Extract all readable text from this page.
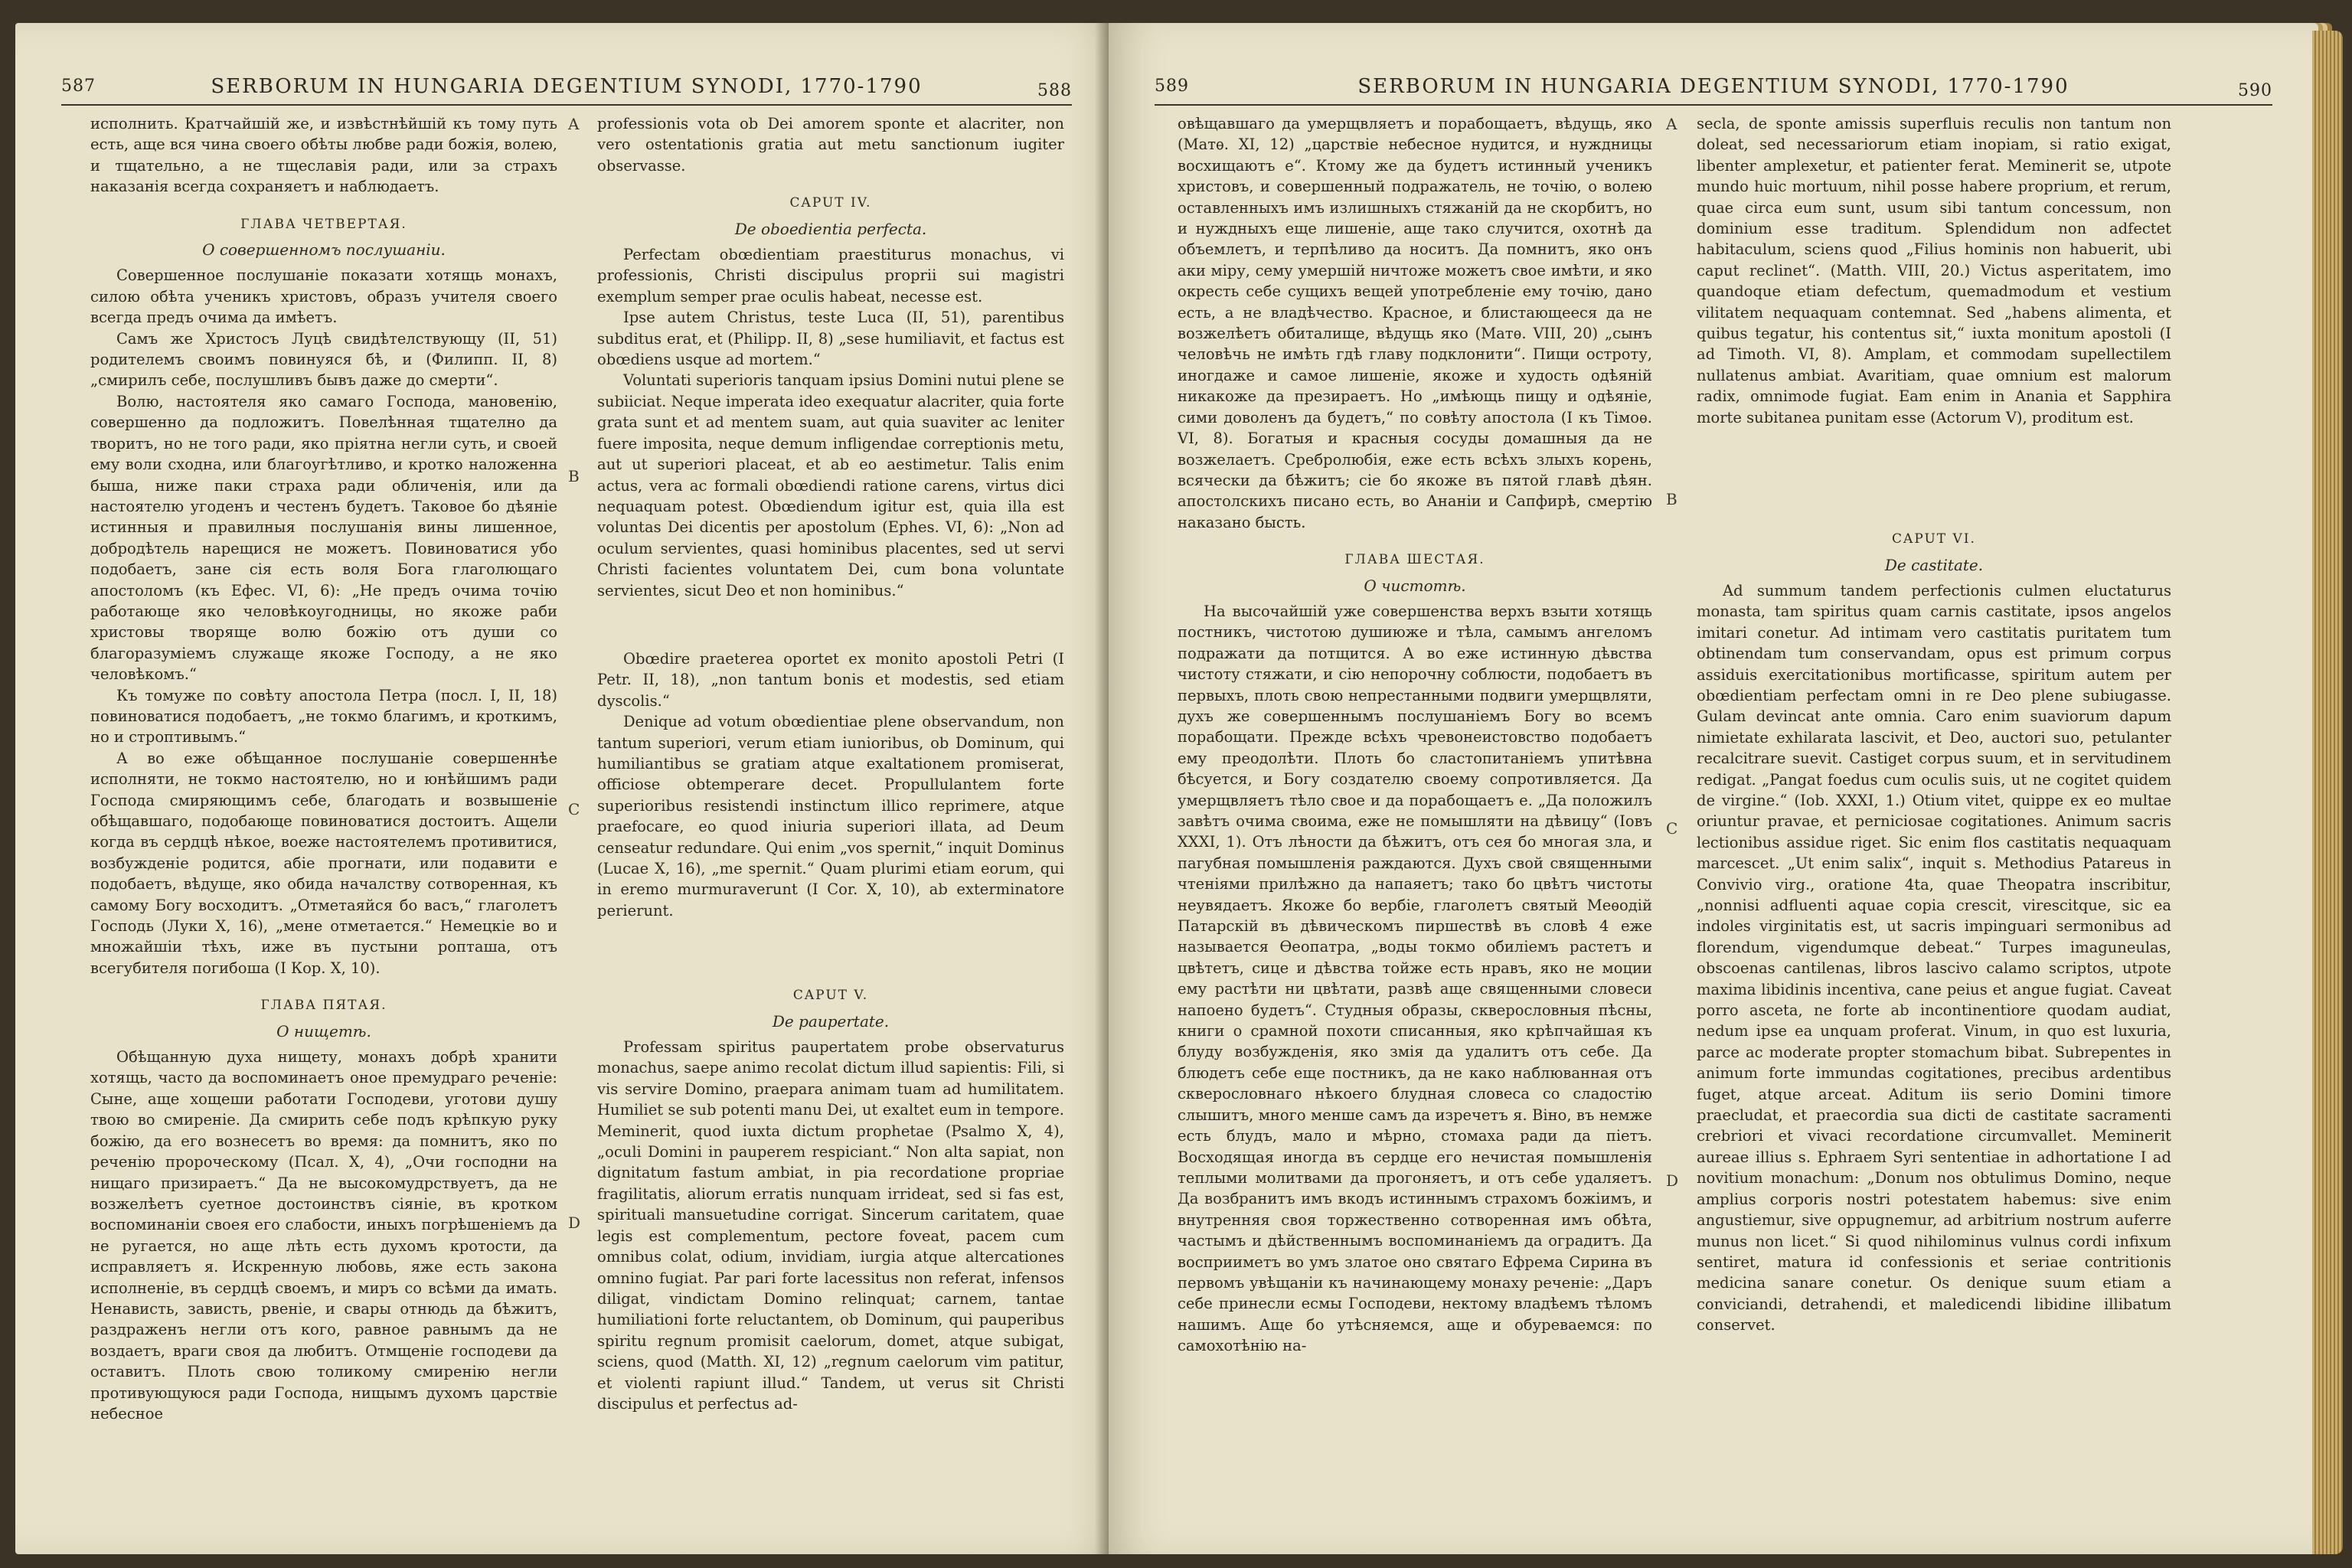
587	SERBORUM IN HUNGARIA DEGENTIUM SYNODI, 1770-1790	588

исполнить. Кратчайшій же, и извѣстнѣйшій къ тому путь есть, аще вся чина своего обѣты любве ради божія, волею, и тщательно, а не тщеславія ради, или за страхъ наказанія всегда сохраняетъ и наблюдаетъ.

ГЛАВА ЧЕТВЕРТАЯ.
О совершенномъ послушаніи.

Совершенное послушаніе показати хотящь монахъ, силою обѣта ученикъ христовъ, образъ учителя своего всегда предъ очима да имѣетъ.

Самъ же Христосъ Луцѣ свидѣтелствующу (II, 51) родителемъ своимъ повинуяся бѣ, и (Филипп. II, 8) „смирилъ себе, послушливъ бывъ даже до смерти“.

Волю, настоятеля яко самаго Господа, мановенію, совершенно да подложитъ. Повелѣнная тщателно да творитъ, но не того ради, яко пріятна негли суть, и своей ему воли сходна, или благоугѣтливо, и кротко наложенна быша, ниже паки страха ради обличенія, или да настоятелю угоденъ и честенъ будетъ. Таковое бо дѣяніе истинныя и правилныя послушанія вины лишенное, добродѣтель нарещися не можетъ. Повиноватися убо подобаетъ, зане сія есть воля Бога глаголющаго апостоломъ (къ Ефес. VI, 6): „Не предъ очима точію работающе яко человѣкоугодницы, но якоже раби христовы творяще волю божію отъ души со благоразуміемъ служаще якоже Господу, а не яко человѣкомъ.“

Къ томуже по совѣту апостола Петра (посл. I, II, 18) повиноватися подобаетъ, „не токмо благимъ, и кроткимъ, но и строптивымъ.“

А во еже обѣщанное послушаніе совершеннѣе исполняти, не токмо настоятелю, но и юнѣйшимъ ради Господа смиряющимъ себе, благодать и возвышеніе обѣщавшаго, подобающе повиноватися достоитъ. Ащели когда въ сердцѣ нѣкое, воеже настоятелемъ противитися, возбужденіе родится, абіе прогнати, или подавити е подобаетъ, вѣдуще, яко обида началству сотворенная, къ самому Богу восходитъ. „Отметаяйся бо васъ,“ глаголетъ Господь (Луки X, 16), „мене отметается.“ Немецкіе во и множайшіи тѣхъ, иже въ пустыни ропташа, отъ всегубителя погибоша (I Кор. X, 10).

ГЛАВА ПЯТАЯ.
О нищетѣ.

Обѣщанную духа нищету, монахъ добрѣ хранити хотящь, часто да воспоминаетъ оное премудраго реченіе: Сыне, аще хощеши работати Господеви, уготови душу твою во смиреніе. Да смирить себе подъ крѣпкую руку божію, да его вознесетъ во время: да помнитъ, яко по реченію пророческому (Псал. X, 4), „Очи господни на нищаго призираетъ.“ Да не высокомудрствуетъ, да не возжелѣетъ суетное достоинствъ сіяніе, въ кротком воспоминаніи своея его слабости, иныхъ погрѣшеніемъ да не ругается, но аще лѣть есть духомъ кротости, да исправляетъ я. Искренную любовь, яже есть закона исполненіе, въ сердцѣ своемъ, и миръ со всѣми да имать. Ненависть, зависть, рвеніе, и свары отнюдь да бѣжитъ, раздраженъ негли отъ кого, равное равнымъ да не воздаетъ, враги своя да любитъ. Отмщеніе господеви да оставитъ. Плоть свою толикому смиренію негли противующуюся ради Господа, нищымъ духомъ царствіе небесное

professionis vota ob Dei amorem sponte et alacriter, non vero ostentationis gratia aut metu sanctionum iugiter observasse.

CAPUT IV.
De oboedientia perfecta.

Perfectam obœdientiam praestiturus monachus, vi professionis, Christi discipulus proprii sui magistri exemplum semper prae oculis habeat, necesse est.

Ipse autem Christus, teste Luca (II, 51), parentibus subditus erat, et (Philipp. II, 8) „sese humiliavit, et factus est obœdiens usque ad mortem.“

Voluntati superioris tanquam ipsius Domini nutui plene se subiiciat. Neque imperata ideo exequatur alacriter, quia forte grata sunt et ad mentem suam, aut quia suaviter ac leniter fuere imposita, neque demum infligendae correptionis metu, aut ut superiori placeat, et ab eo aestimetur. Talis enim actus, vera ac formali obœdiendi ratione carens, virtus dici nequaquam potest. Obœdiendum igitur est, quia illa est voluntas Dei dicentis per apostolum (Ephes. VI, 6): „Non ad oculum servientes, quasi hominibus placentes, sed ut servi Christi facientes voluntatem Dei, cum bona voluntate servientes, sicut Deo et non hominibus.“

Obœdire praeterea oportet ex monito apostoli Petri (I Petr. II, 18), „non tantum bonis et modestis, sed etiam dyscolis.“

Denique ad votum obœdientiae plene observandum, non tantum superiori, verum etiam iunioribus, ob Dominum, qui humiliantibus se gratiam atque exaltationem promiserat, officiose obtemperare decet. Propullulantem forte superioribus resistendi instinctum illico reprimere, atque praefocare, eo quod iniuria superiori illata, ad Deum censeatur redundare. Qui enim „vos spernit,“ inquit Dominus (Lucae X, 16), „me spernit.“ Quam plurimi etiam eorum, qui in eremo murmuraverunt (I Cor. X, 10), ab exterminatore perierunt.

CAPUT V.
De paupertate.

Professam spiritus paupertatem probe observaturus monachus, saepe animo recolat dictum illud sapientis: Fili, si vis servire Domino, praepara animam tuam ad humilitatem. Humiliet se sub potenti manu Dei, ut exaltet eum in tempore. Meminerit, quod iuxta dictum prophetae (Psalmo X, 4), „oculi Domini in pauperem respiciant.“ Non alta sapiat, non dignitatum fastum ambiat, in pia recordatione propriae fragilitatis, aliorum erratis nunquam irrideat, sed si fas est, spirituali mansuetudine corrigat. Sincerum caritatem, quae legis est complementum, pectore foveat, pacem cum omnibus colat, odium, invidiam, iurgia atque altercationes omnino fugiat. Par pari forte lacessitus non referat, infensos diligat, vindictam Domino relinquat; carnem, tantae humiliationi forte reluctantem, ob Dominum, qui pauperibus spiritu regnum promisit caelorum, domet, atque subigat, sciens, quod (Matth. XI, 12) „regnum caelorum vim patitur, et violenti rapiunt illud.“ Tandem, ut verus sit Christi discipulus et perfectus ad-

A
B
C
D
589	SERBORUM IN HUNGARIA DEGENTIUM SYNODI, 1770-1790	590

овѣщавшаго да умерщвляетъ и порабощаетъ, вѣдущь, яко (Матѳ. XI, 12) „царствіе небесное нудится, и нуждницы восхищаютъ е“. Ктому же да будетъ истинный ученикъ христовъ, и совершенный подражатель, не точію, о волею оставленныхъ имъ излишныхъ стяжаній да не скорбитъ, но и нуждныхъ еще лишеніе, аще тако случится, охотнѣ да объемлетъ, и терпѣливо да носитъ. Да помнитъ, яко онъ аки міру, сему умершій ничтоже можетъ свое имѣти, и яко окресть себе сущихъ вещей употребленіе ему точію, дано есть, а не владѣчество. Красное, и блистающееся да не возжелѣетъ обиталище, вѣдущь яко (Матѳ. VIII, 20) „сынъ человѣчь не имѣть гдѣ главу подклонити“. Пищи остроту, иногдаже и самое лишеніе, якоже и худость одѣяній никакоже да презираетъ. Но „имѣющь пищу и одѣяніе, сими доволенъ да будетъ,“ по совѣту апостола (I къ Тімоѳ. VI, 8). Богатыя и красныя сосуды домашныя да не возжелаетъ. Сребролюбія, еже есть всѣхъ злыхъ корень, всячески да бѣжитъ; сіе бо якоже въ пятой главѣ дѣян. апостолскихъ писано есть, во Ананіи и Сапфирѣ, смертію наказано бысть.

ГЛАВА ШЕСТАЯ.
О чистотѣ.

На высочайшій уже совершенства верхъ взыти хотящь постникъ, чистотою душиюже и тѣла, самымъ ангеломъ подражати да потщится. А во еже истинную дѣвства чистоту стяжати, и сію непорочну соблюсти, подобаетъ въ первыхъ, плоть свою непрестанными подвиги умерщвляти, духъ же совершеннымъ послушаніемъ Богу во всемъ порабощати. Прежде всѣхъ чревонеистовство подобаетъ ему преодолѣти. Плоть бо сластопитаніемъ упитѣвна бѣсуется, и Богу создателю своему сопротивляется. Да умерщвляетъ тѣло свое и да порабощаетъ е. „Да положилъ завѣтъ очима своима, еже не помышляти на дѣвицу“ (Іовъ XXXI, 1). Отъ лѣности да бѣжитъ, отъ сея бо многая зла, и пагубная помышленія раждаются. Духъ свой священными чтеніями прилѣжно да напаяетъ; тако бо цвѣтъ чистоты неувядаетъ. Якоже бо вербіе, глаголетъ святый Меѳодій Патарскій въ дѣвическомъ пиршествѣ въ словѣ 4 еже называется Ѳеопатра, „воды токмо обиліемъ растетъ и цвѣтетъ, сице и дѣвства тойже есть нравъ, яко не моции ему растѣти ни цвѣтати, развѣ аще священными словеси напоено будетъ“. Студныя образы, скверословныя пѣсны, книги о срамной похоти списанныя, яко крѣпчайшая къ блуду возбужденія, яко змія да удалитъ отъ себе. Да блюдетъ себе еще постникъ, да не како наблюванная отъ скверословнаго нѣкоего блудная словеса со сладостію слышитъ, много менше самъ да изречетъ я. Віно, въ немже есть блудъ, мало и мѣрно, стомаха ради да піетъ. Восходящая иногда въ сердце его нечистая помышленія теплыми молитвами да прогоняетъ, и отъ себе удаляетъ. Да возбранитъ имъ вкодъ истиннымъ страхомъ божіимъ, и внутренняя своя торжественно сотворенная имъ обѣта, частымъ и дѣйственнымъ воспоминаніемъ да оградитъ. Да восприиметъ во умъ златое оно святаго Ефрема Сирина въ первомъ увѣщаніи къ начинающему монаху реченіе: „Даръ себе принесли есмы Господеви, нектому владѣемъ тѣломъ нашимъ. Аще бо утѣсняемся, аще и обуреваемся: по самохотѣнію на-

secla, de sponte amissis superfluis reculis non tantum non doleat, sed necessariorum etiam inopiam, si ratio exigat, libenter amplexetur, et patienter ferat. Meminerit se, utpote mundo huic mortuum, nihil posse habere proprium, et rerum, quae circa eum sunt, usum sibi tantum concessum, non dominium esse traditum. Splendidum non adfectet habitaculum, sciens quod „Filius hominis non habuerit, ubi caput reclinet“. (Matth. VIII, 20.) Victus asperitatem, imo quandoque etiam defectum, quemadmodum et vestium vilitatem nequaquam contemnat. Sed „habens alimenta, et quibus tegatur, his contentus sit,“ iuxta monitum apostoli (I ad Timoth. VI, 8). Amplam, et commodam supellectilem nullatenus ambiat. Avaritiam, quae omnium est malorum radix, omnimode fugiat. Eam enim in Anania et Sapphira morte subitanea punitam esse (Actorum V), proditum est.

CAPUT VI.
De castitate.

Ad summum tandem perfectionis culmen eluctaturus monasta, tam spiritus quam carnis castitate, ipsos angelos imitari conetur. Ad intimam vero castitatis puritatem tum obtinendam tum conservandam, opus est primum corpus assiduis exercitationibus mortificasse, spiritum autem per obœdientiam perfectam omni in re Deo plene subiugasse. Gulam devincat ante omnia. Caro enim suaviorum dapum nimietate exhilarata lascivit, et Deo, auctori suo, petulanter recalcitrare suevit. Castiget corpus suum, et in servitudinem redigat. „Pangat foedus cum oculis suis, ut ne cogitet quidem de virgine.“ (Iob. XXXI, 1.) Otium vitet, quippe ex eo multae oriuntur pravae, et perniciosae cogitationes. Animum sacris lectionibus assidue riget. Sic enim flos castitatis nequaquam marcescet. „Ut enim salix“, inquit s. Methodius Patareus in Convivio virg., oratione 4ta, quae Theopatra inscribitur, „nonnisi adfluenti aquae copia crescit, virescitque, sic ea indoles virginitatis est, ut sacris impinguari sermonibus ad florendum, vigendumque debeat.“ Turpes imaguneulas, obscoenas cantilenas, libros lascivo calamo scriptos, utpote maxima libidinis incentiva, cane peius et angue fugiat. Caveat porro asceta, ne forte ab incontinentiore quodam audiat, nedum ipse ea unquam proferat. Vinum, in quo est luxuria, parce ac moderate propter stomachum bibat. Subrepentes in animum forte immundas cogitationes, precibus ardentibus fuget, atque arceat. Aditum iis serio Domini timore praecludat, et praecordia sua dicti de castitate sacramenti crebriori et vivaci recordatione circumvallet. Meminerit aureae illius s. Ephraem Syri sententiae in adhortatione I ad novitium monachum: „Donum nos obtulimus Domino, neque amplius corporis nostri potestatem habemus: sive enim angustiemur, sive oppugnemur, ad arbitrium nostrum auferre munus non licet.“ Si quod nihilominus vulnus cordi infixum sentiret, matura id confessionis et seriae contritionis medicina sanare conetur. Os denique suum etiam a conviciandi, detrahendi, et maledicendi libidine illibatum conservet.

A
B
C
D
